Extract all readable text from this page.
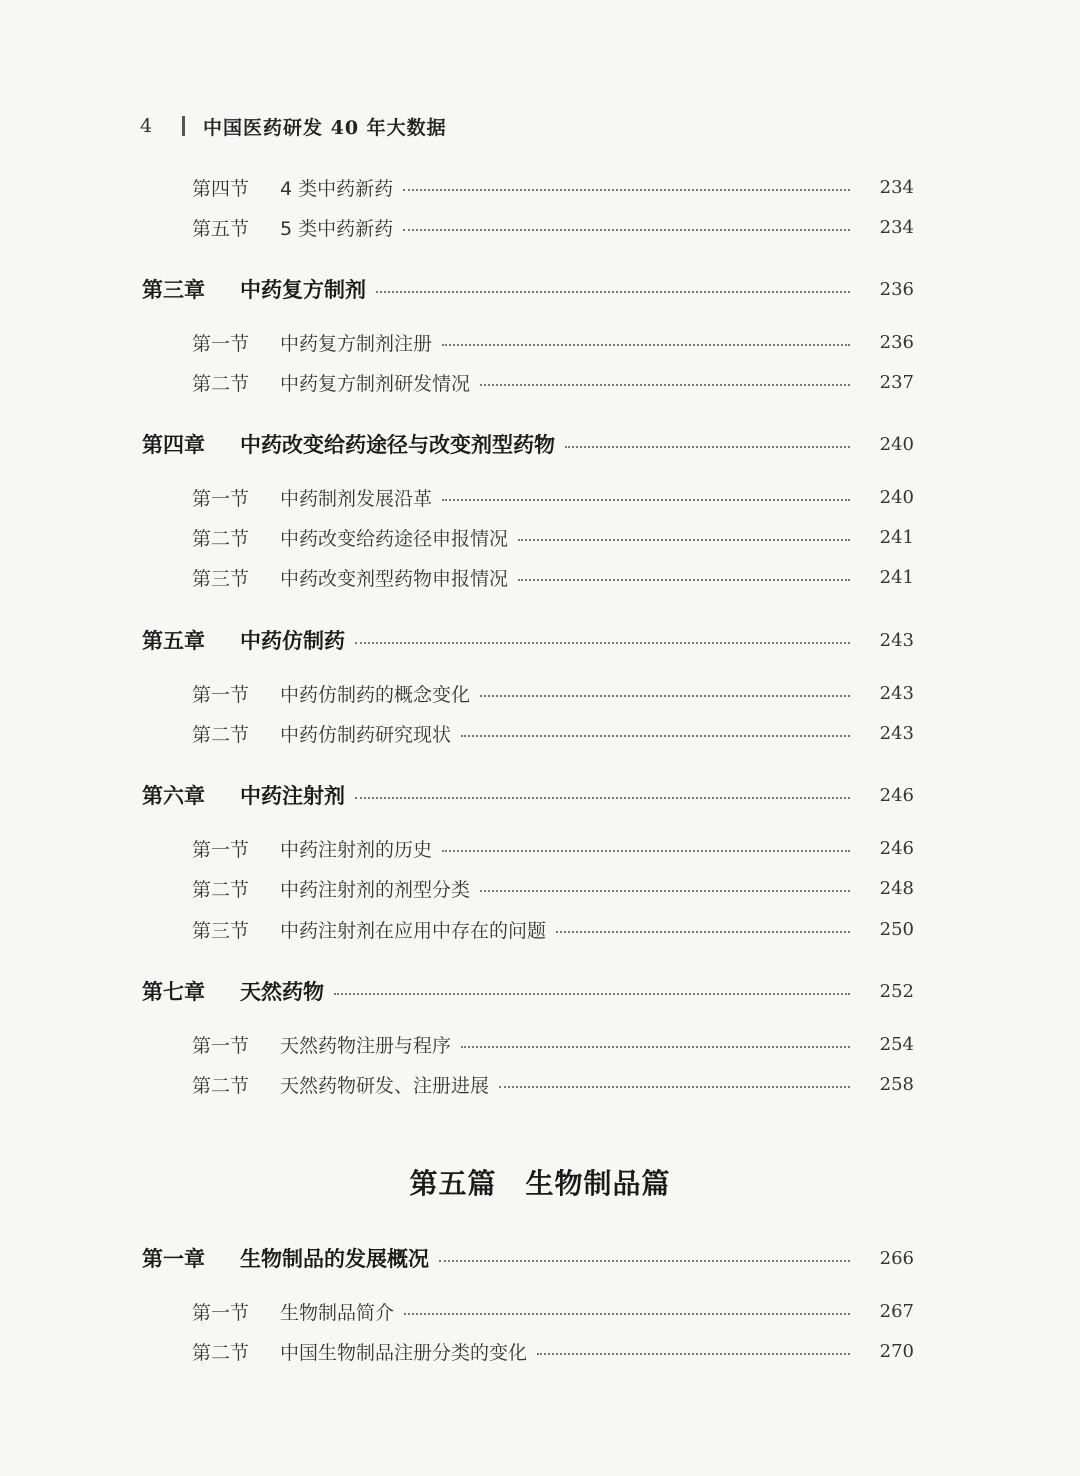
4	中国医药研发 40 年大数据
第四节	4 类中药新药	234
第五节	5 类中药新药	234
第三章	中药复方制剂	236
第一节	中药复方制剂注册	236
第二节	中药复方制剂研发情况	237
第四章	中药改变给药途径与改变剂型药物	240
第一节	中药制剂发展沿革	240
第二节	中药改变给药途径申报情况	241
第三节	中药改变剂型药物申报情况	241
第五章	中药仿制药	243
第一节	中药仿制药的概念变化	243
第二节	中药仿制药研究现状	243
第六章	中药注射剂	246
第一节	中药注射剂的历史	246
第二节	中药注射剂的剂型分类	248
第三节	中药注射剂在应用中存在的问题	250
第七章	天然药物	252
第一节	天然药物注册与程序	254
第二节	天然药物研发、注册进展	258
第五篇　生物制品篇
第一章	生物制品的发展概况	266
第一节	生物制品简介	267
第二节	中国生物制品注册分类的变化	270
